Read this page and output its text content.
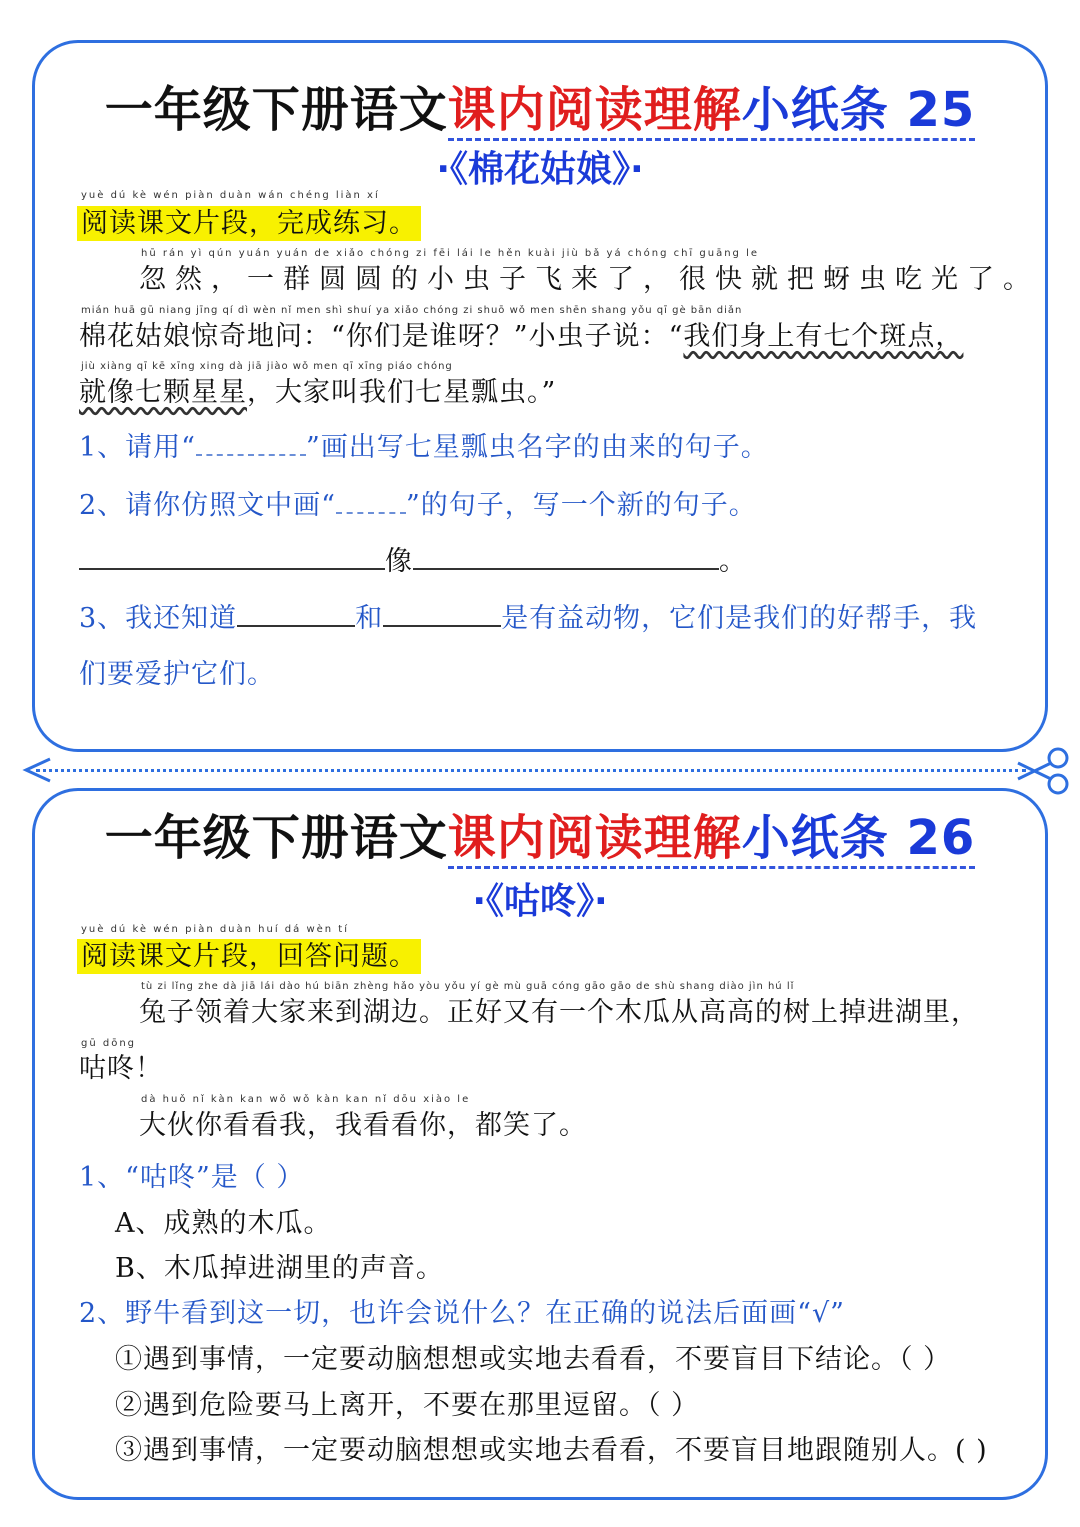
一年级下册语文课内阅读理解小纸条 25
·《棉花姑娘》·
yuè dú kè wén piàn duàn wán chéng liàn xí
阅读课文片段，完成练习。
hū rán yì qún yuán yuán de xiǎo chóng zi fēi lái le hěn kuài jiù bǎ yá chóng chī guāng le
忽然，一群圆圆的小虫子飞来了，很快就把蚜虫吃光了。
mián huā gū niang jīng qí dì wèn nǐ men shì shuí ya xiǎo chóng zi shuō wǒ men shēn shang yǒu qī gè bān diǎn
棉花姑娘惊奇地问：“你们是谁呀？”小虫子说：“我们身上有七个斑点，
jiù xiàng qī kē xīng xing dà jiā jiào wǒ men qī xīng piáo chóng
就像七颗星星，大家叫我们七星瓢虫。”
1、请用“	”画出写七星瓢虫名字的由来的句子。
2、请你仿照文中画“	”的句子，写一个新的句子。
像	。
3、我还知道	和	是有益动物，它们是我们的好帮手，我
们要爱护它们。
一年级下册语文课内阅读理解小纸条 26
·《咕咚》·
yuè dú kè wén piàn duàn huí dá wèn tí
阅读课文片段，回答问题。
tù zi lǐng zhe dà jiā lái dào hú biān zhèng hǎo yòu yǒu yí gè mù guā cóng gāo gāo de shù shang diào jìn hú lǐ
兔子领着大家来到湖边。正好又有一个木瓜从高高的树上掉进湖里，
gū dōng
咕咚！
dà huǒ nǐ kàn kan wǒ wǒ kàn kan nǐ dōu xiào le
大伙你看看我，我看看你，都笑了。
1、“咕咚”是（ ）
A、成熟的木瓜。
B、木瓜掉进湖里的声音。
2、野牛看到这一切，也许会说什么？在正确的说法后面画“√”
①遇到事情，一定要动脑想想或实地去看看，不要盲目下结论。（ ）
②遇到危险要马上离开，不要在那里逗留。（ ）
③遇到事情，一定要动脑想想或实地去看看，不要盲目地跟随别人。( )
